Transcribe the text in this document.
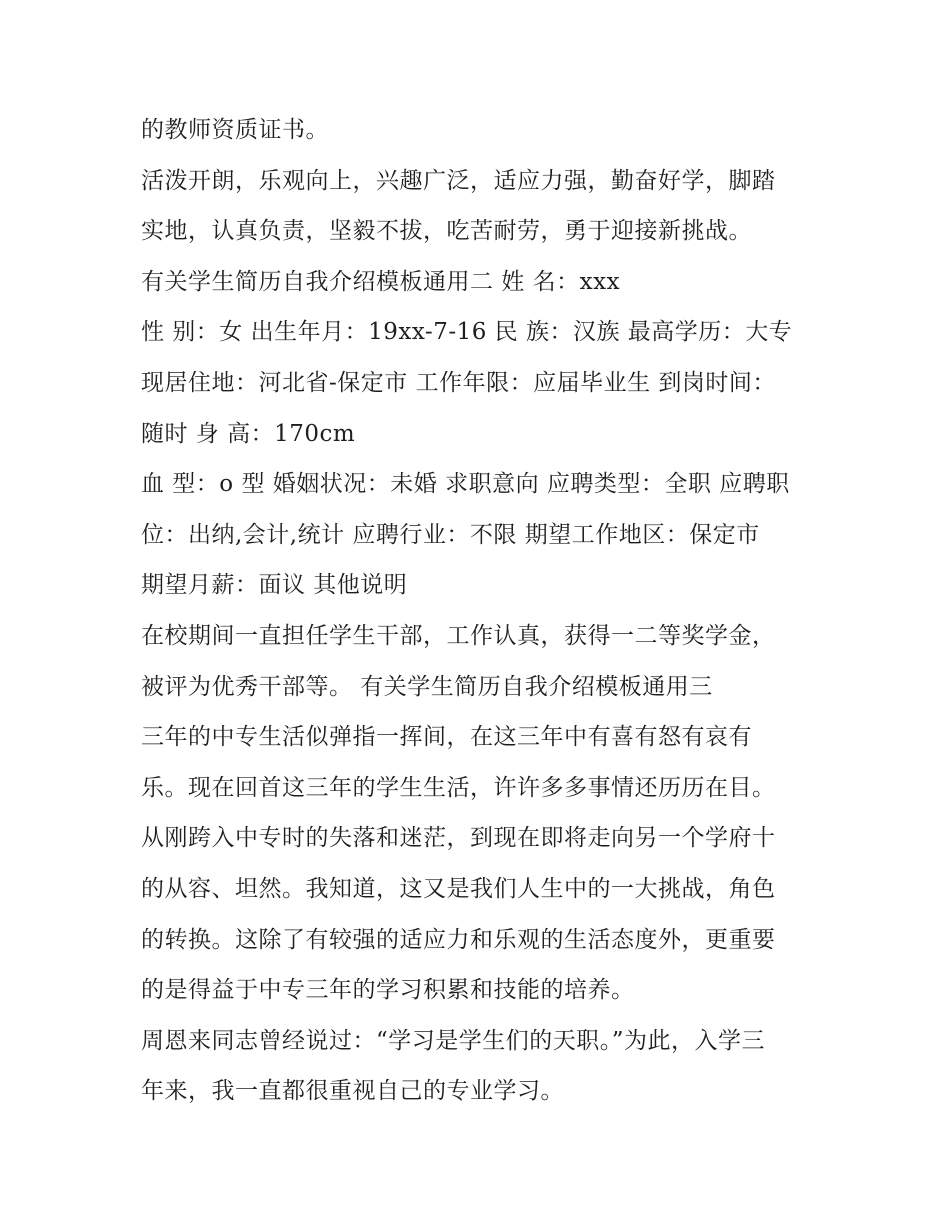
的教师资质证书。
活泼开朗，乐观向上，兴趣广泛，适应力强，勤奋好学，脚踏
实地，认真负责，坚毅不拔，吃苦耐劳，勇于迎接新挑战。
有关学生简历自我介绍模板通用二 姓 名：xxx
性 别：女 出生年月：19xx-7-16 民 族：汉族 最高学历：大专
现居住地：河北省-保定市 工作年限：应届毕业生 到岗时间：
随时 身 高：170cm
血 型：o 型 婚姻状况：未婚 求职意向 应聘类型：全职 应聘职
位：出纳,会计,统计 应聘行业：不限 期望工作地区：保定市
期望月薪：面议 其他说明
在校期间一直担任学生干部，工作认真，获得一二等奖学金，
被评为优秀干部等。 有关学生简历自我介绍模板通用三
三年的中专生活似弹指一挥间，在这三年中有喜有怒有哀有
乐。现在回首这三年的学生生活，许许多多事情还历历在目。
从刚跨入中专时的失落和迷茫，到现在即将走向另一个学府十
的从容、坦然。我知道，这又是我们人生中的一大挑战，角色
的转换。这除了有较强的适应力和乐观的生活态度外，更重要
的是得益于中专三年的学习积累和技能的培养。
周恩来同志曾经说过：“学习是学生们的天职。”为此，入学三
年来，我一直都很重视自己的专业学习。
